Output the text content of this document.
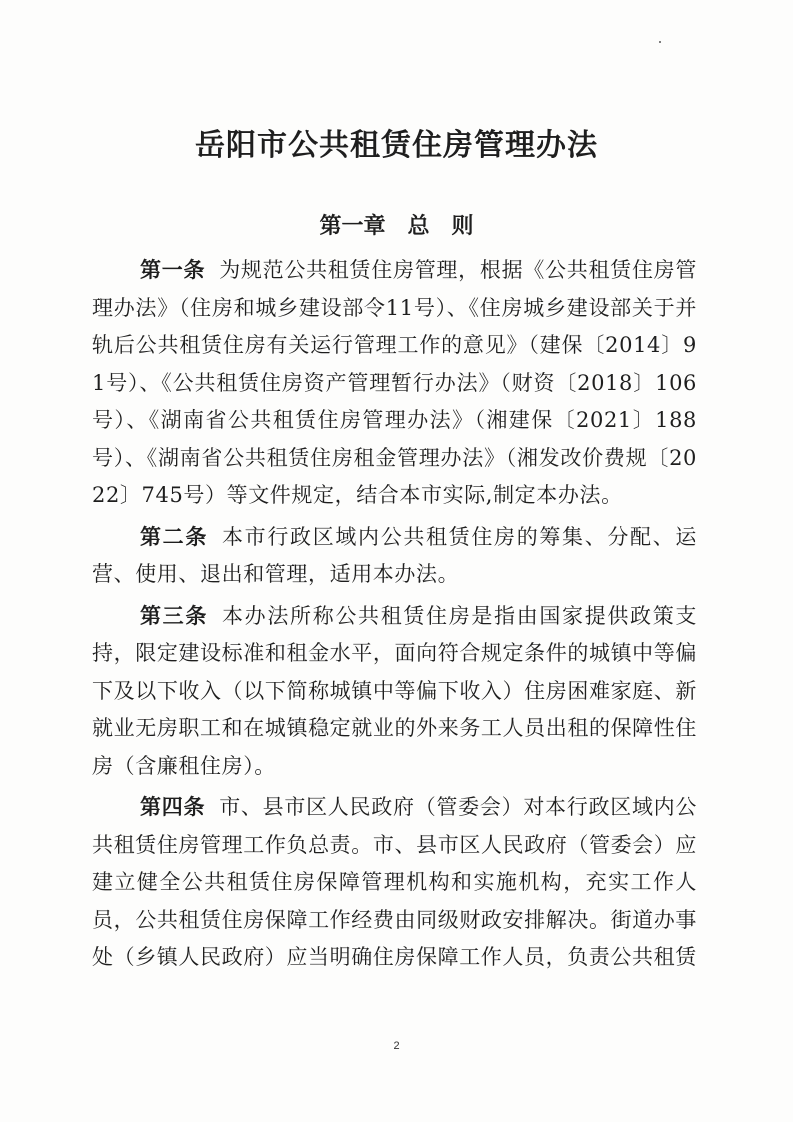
岳阳市公共租赁住房管理办法
第一章 总　则

第一条 为规范公共租赁住房管理，根据《公共租赁住房管理办法》（住房和城乡建设部令11号）、《住房城乡建设部关于并轨后公共租赁住房有关运行管理工作的意见》（建保〔2014〕91号）、《公共租赁住房资产管理暂行办法》（财资〔2018〕106号）、《湖南省公共租赁住房管理办法》（湘建保〔2021〕188号）、《湖南省公共租赁住房租金管理办法》（湘发改价费规〔2022〕745号）等文件规定，结合本市实际,制定本办法。

第二条 本市行政区域内公共租赁住房的筹集、分配、运营、使用、退出和管理，适用本办法。

第三条 本办法所称公共租赁住房是指由国家提供政策支持，限定建设标准和租金水平，面向符合规定条件的城镇中等偏下及以下收入（以下简称城镇中等偏下收入）住房困难家庭、新就业无房职工和在城镇稳定就业的外来务工人员出租的保障性住房（含廉租住房）。

第四条 市、县市区人民政府（管委会）对本行政区域内公共租赁住房管理工作负总责。市、县市区人民政府（管委会）应建立健全公共租赁住房保障管理机构和实施机构，充实工作人员，公共租赁住房保障工作经费由同级财政安排解决。街道办事处（乡镇人民政府）应当明确住房保障工作人员，负责公共租赁

2
